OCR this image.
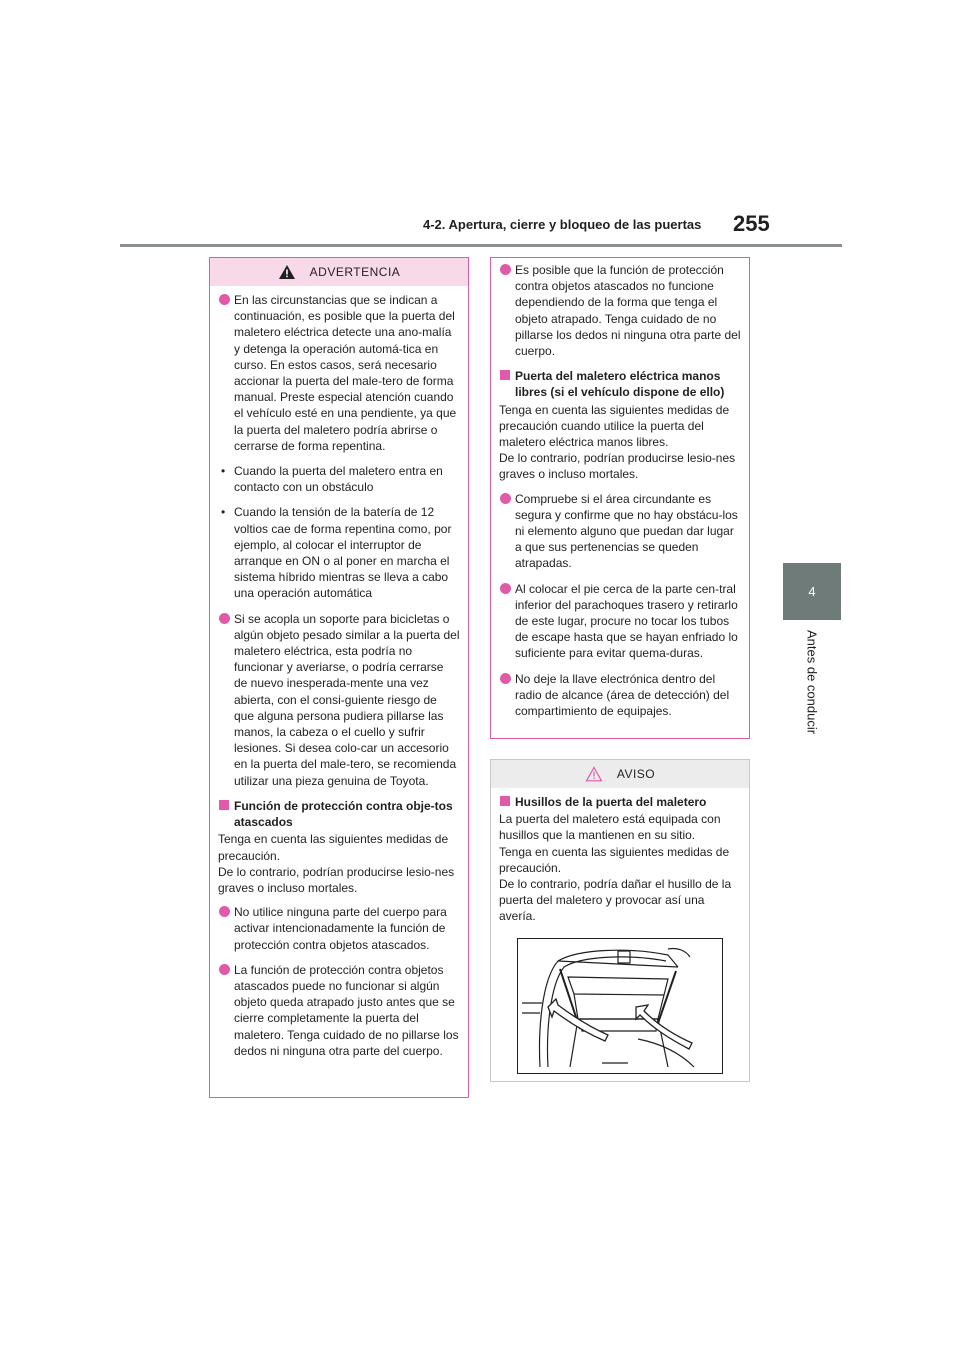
4-2. Apertura, cierre y bloqueo de las puertas	255
4
Antes de conducir
ADVERTENCIA
En las circunstancias que se indican a continuación, es posible que la puerta del maletero eléctrica detecte una ano-malía y detenga la operación automá-tica en curso. En estos casos, será necesario accionar la puerta del male-tero de forma manual. Preste especial atención cuando el vehículo esté en una pendiente, ya que la puerta del maletero podría abrirse o cerrarse de forma repentina.
• Cuando la puerta del maletero entra en contacto con un obstáculo
• Cuando la tensión de la batería de 12 voltios cae de forma repentina como, por ejemplo, al colocar el interruptor de arranque en ON o al poner en marcha el sistema híbrido mientras se lleva a cabo una operación automática
Si se acopla un soporte para bicicletas o algún objeto pesado similar a la puerta del maletero eléctrica, esta podría no funcionar y averiarse, o podría cerrarse de nuevo inesperada-mente una vez abierta, con el consi-guiente riesgo de que alguna persona pudiera pillarse las manos, la cabeza o el cuello y sufrir lesiones. Si desea colo-car un accesorio en la puerta del male-tero, se recomienda utilizar una pieza genuina de Toyota.
Función de protección contra obje-tos atascados
Tenga en cuenta las siguientes medidas de precaución.
De lo contrario, podrían producirse lesio-nes graves o incluso mortales.
No utilice ninguna parte del cuerpo para activar intencionadamente la función de protección contra objetos atascados.
La función de protección contra objetos atascados puede no funcionar si algún objeto queda atrapado justo antes que se cierre completamente la puerta del maletero. Tenga cuidado de no pillarse los dedos ni ninguna otra parte del cuerpo.
Es posible que la función de protección contra objetos atascados no funcione dependiendo de la forma que tenga el objeto atrapado. Tenga cuidado de no pillarse los dedos ni ninguna otra parte del cuerpo.
Puerta del maletero eléctrica manos libres (si el vehículo dispone de ello)
Tenga en cuenta las siguientes medidas de precaución cuando utilice la puerta del maletero eléctrica manos libres.
De lo contrario, podrían producirse lesio-nes graves o incluso mortales.
Compruebe si el área circundante es segura y confirme que no hay obstácu-los ni elemento alguno que puedan dar lugar a que sus pertenencias se queden atrapadas.
Al colocar el pie cerca de la parte cen-tral inferior del parachoques trasero y retirarlo de este lugar, procure no tocar los tubos de escape hasta que se hayan enfriado lo suficiente para evitar quema-duras.
No deje la llave electrónica dentro del radio de alcance (área de detección) del compartimiento de equipajes.
AVISO
Husillos de la puerta del maletero
La puerta del maletero está equipada con husillos que la mantienen en su sitio.
Tenga en cuenta las siguientes medidas de precaución.
De lo contrario, podría dañar el husillo de la puerta del maletero y provocar así una avería.
